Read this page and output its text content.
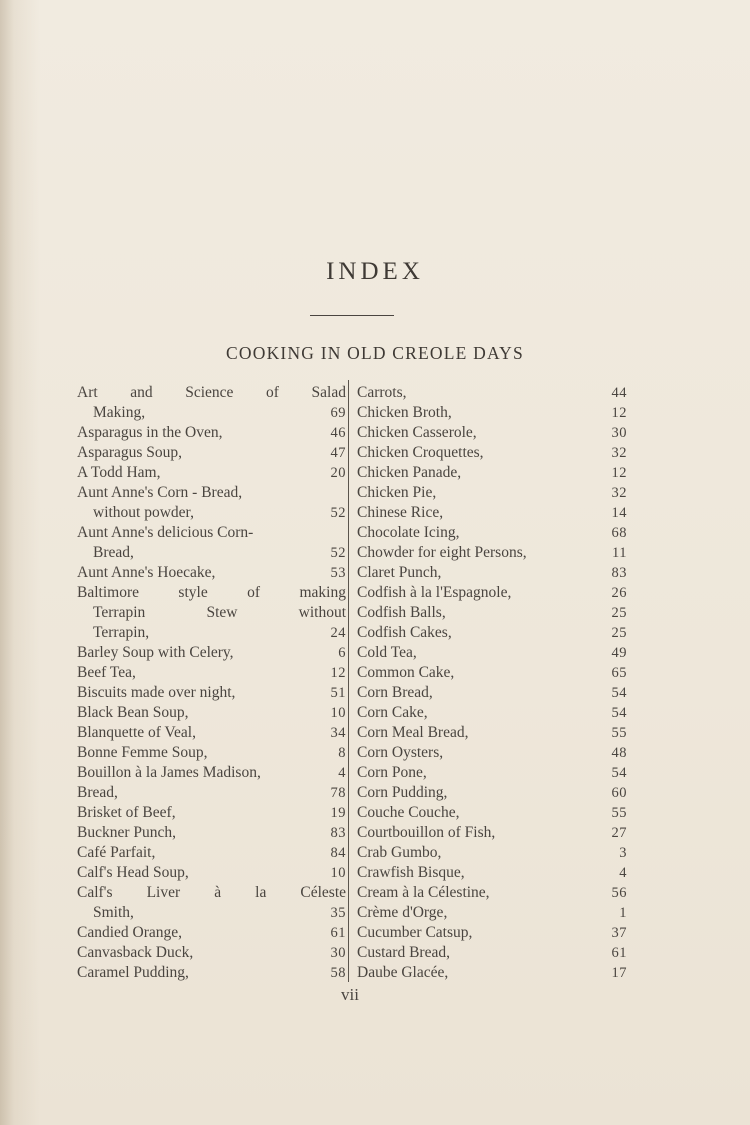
INDEX
COOKING IN OLD CREOLE DAYS
Art and Science of Salad
Making,	69
Asparagus in the Oven,	46
Asparagus Soup,	47
A Todd Ham,	20
Aunt Anne's Corn - Bread,
without powder,	52
Aunt Anne's delicious Corn-
Bread,	52
Aunt Anne's Hoecake,	53
Baltimore style of making
Terrapin Stew without
Terrapin,	24
Barley Soup with Celery,	6
Beef Tea,	12
Biscuits made over night,	51
Black Bean Soup,	10
Blanquette of Veal,	34
Bonne Femme Soup,	8
Bouillon à la James Madison,	4
Bread,	78
Brisket of Beef,	19
Buckner Punch,	83
Café Parfait,	84
Calf's Head Soup,	10
Calf's Liver à la Céleste
Smith,	35
Candied Orange,	61
Canvasback Duck,	30
Caramel Pudding,	58
Carrots,	44
Chicken Broth,	12
Chicken Casserole,	30
Chicken Croquettes,	32
Chicken Panade,	12
Chicken Pie,	32
Chinese Rice,	14
Chocolate Icing,	68
Chowder for eight Persons,	11
Claret Punch,	83
Codfish à la l'Espagnole,	26
Codfish Balls,	25
Codfish Cakes,	25
Cold Tea,	49
Common Cake,	65
Corn Bread,	54
Corn Cake,	54
Corn Meal Bread,	55
Corn Oysters,	48
Corn Pone,	54
Corn Pudding,	60
Couche Couche,	55
Courtbouillon of Fish,	27
Crab Gumbo,	3
Crawfish Bisque,	4
Cream à la Célestine,	56
Crème d'Orge,	1
Cucumber Catsup,	37
Custard Bread,	61
Daube Glacée,	17
vii
